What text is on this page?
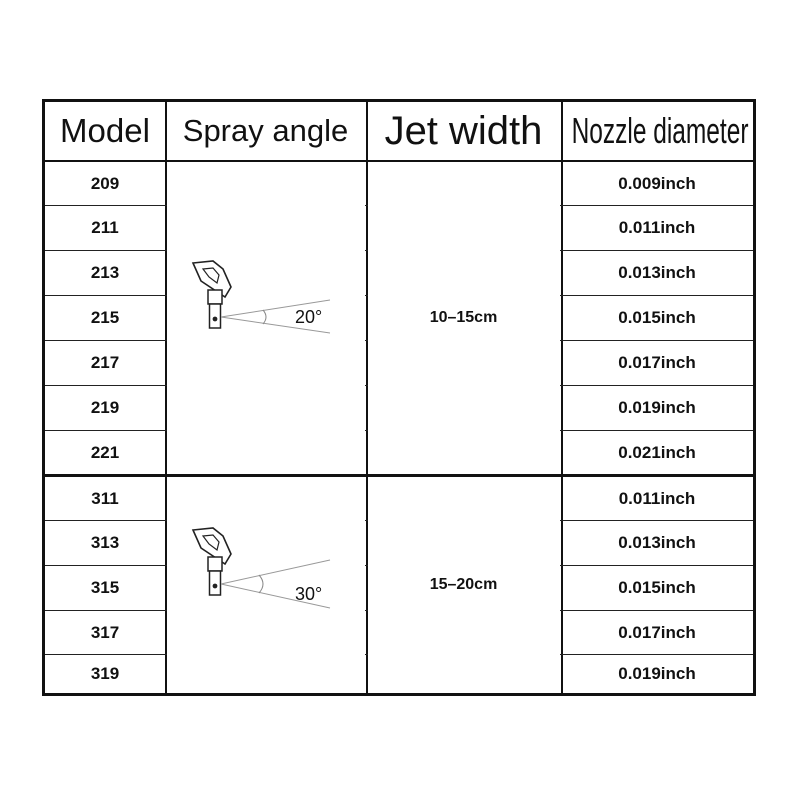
Model Spray angle Jet width Nozzle diameter
209
211
213
215
217
219
221
0.009inch
0.011inch
0.013inch
0.015inch
0.017inch
0.019inch
0.021inch
20°	10–15cm
311
313
315
317
319
0.011inch
0.013inch
0.015inch
0.017inch
0.019inch
30°	15–20cm
